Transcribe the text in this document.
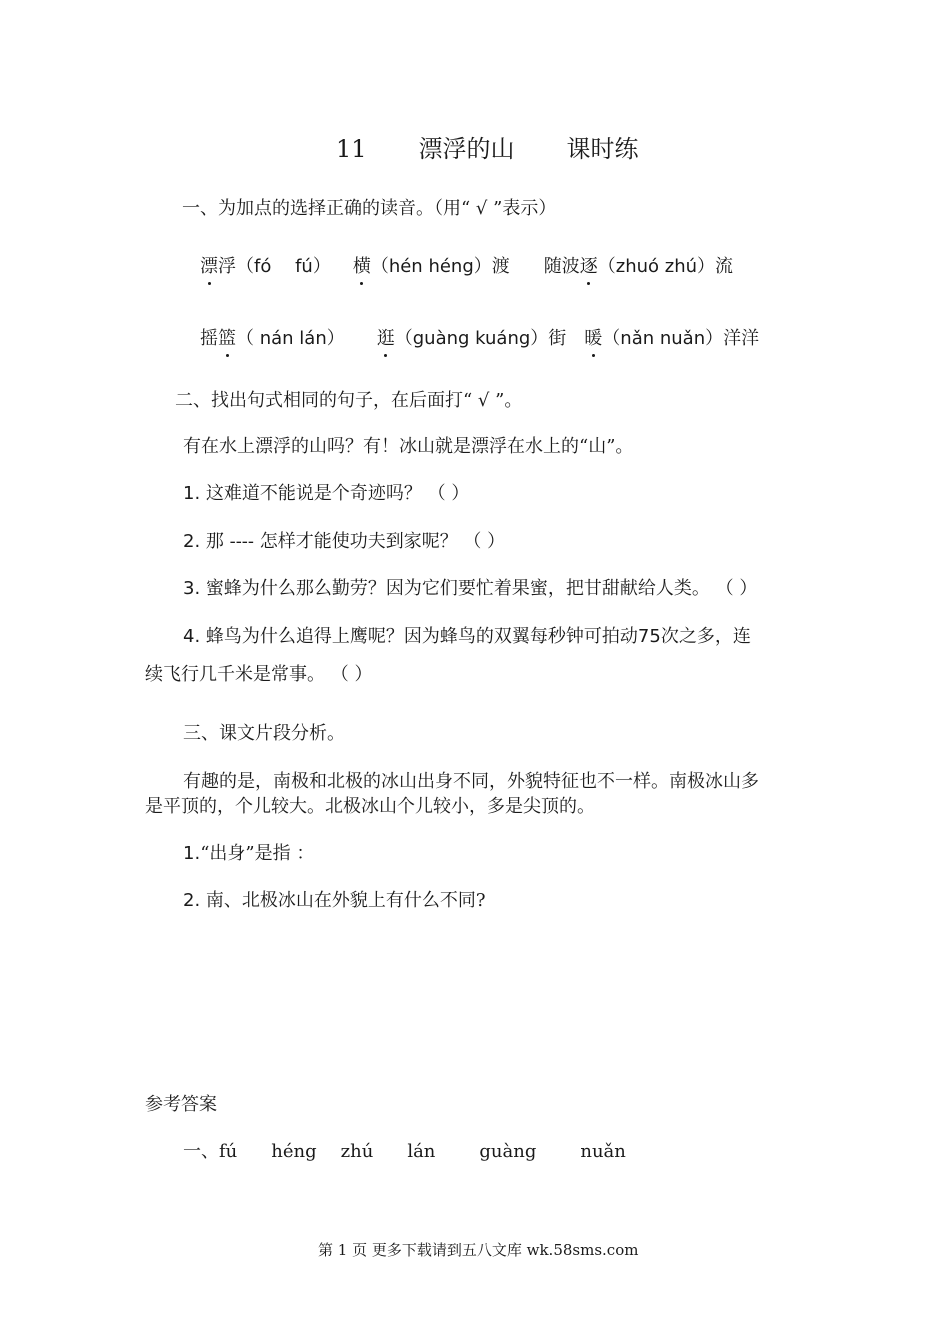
11 漂浮的山 课时练
一、为加点的选择正确的读音。（用“ √ ”表示）
漂浮（fó　 fú） 横（hén héng）渡 随波逐（zhuó zhú）流
摇篮（ nán lán） 逛（guàng kuáng）街 暖（nǎn nuǎn）洋洋
二、找出句式相同的句子，在后面打“ √ ”。
有在水上漂浮的山吗？有！冰山就是漂浮在水上的“山”。
1. 这难道不能说是个奇迹吗？ （ ）
2. 那 ---- 怎样才能使功夫到家呢？ （ ）
3. 蜜蜂为什么那么勤劳？因为它们要忙着果蜜，把甘甜献给人类。 （ ）
4. 蜂鸟为什么追得上鹰呢？因为蜂鸟的双翼每秒钟可拍动75次之多，连
续飞行几千米是常事。 （ ）
三、课文片段分析。
有趣的是，南极和北极的冰山出身不同，外貌特征也不一样。南极冰山多
是平顶的，个儿较大。北极冰山个儿较小，多是尖顶的。
1.“出身”是指 ：
2. 南、北极冰山在外貌上有什么不同?
参考答案
一、fú héng zhú lán guàng nuǎn
第 1 页 更多下载请到五八文库 wk.58sms.com
